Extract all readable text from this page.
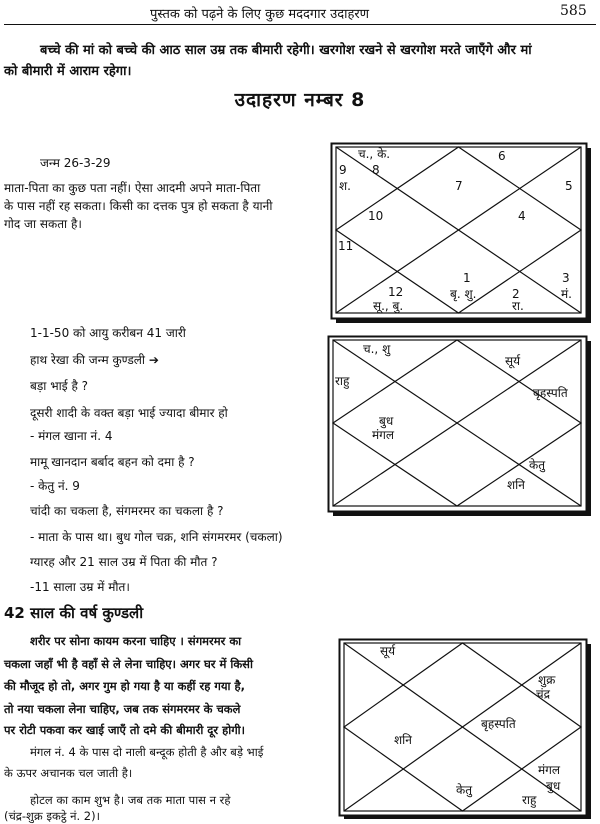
पुस्तक को पढ़ने के लिए कुछ मददगार उदाहरण	585
बच्चे की मां को बच्चे की आठ साल उम्र तक बीमारी रहेगी। खरगोश रखने से खरगोश मरते जाएँगे और मां
को बीमारी में आराम रहेगा।
उदाहरण नम्बर 8
जन्म 26-3-29
माता-पिता का कुछ पता नहीं। ऐसा आदमी अपने माता-पिता
के पास नहीं रह सकता। किसी का दत्तक पुत्र हो सकता है यानी
गोद जा सकता है।
1-1-50 को आयु करीबन 41 जारी
हाथ रेखा की जन्म कुण्डली ➔
बड़ा भाई है ?
दूसरी शादी के वक्त बड़ा भाई ज्यादा बीमार हो
- मंगल खाना नं. 4
मामू खानदान बर्बाद बहन को दमा है ?
- केतु नं. 9
चांदी का चकला है, संगमरमर का चकला है ?
- माता के पास था। बुध गोल चक्र, शनि संगमरमर (चकला)
ग्यारह और 21 साल उम्र में पिता की मौत ?
-11 साला उम्र में मौत।
42 साल की वर्ष कुण्डली
शरीर पर सोना कायम करना चाहिए । संगमरमर का
चकला जहाँ भी है वहाँ से ले लेना चाहिए। अगर घर में किसी
की मौजूद हो तो, अगर गुम हो गया है या कहीं रह गया है,
तो नया चकला लेना चाहिए, जब तक संगमरमर के चकले
पर रोटी पकवा कर खाई जाएँ तो दमे की बीमारी दूर होगी।
मंगल नं. 4 के पास दो नाली बन्दूक होती है और बड़े भाई
के ऊपर अचानक चल जाती है।
होटल का काम शुभ है। जब तक माता पास न रहे
(चंद्र-शुक्र इकट्ठे नं. 2)।
च., के.	6
9 8
श.	7	5
10	4
11
12
1	3
बृ. शु.	2	मं.
सू., बु.	रा.
च., शु
सूर्य
राहु
बृहस्पति
बुध
मंगल
केतु
शनि
सूर्य
शुक्र
चंद्र
शनि
बृहस्पति
केतु
मंगल
बुध
राहु
